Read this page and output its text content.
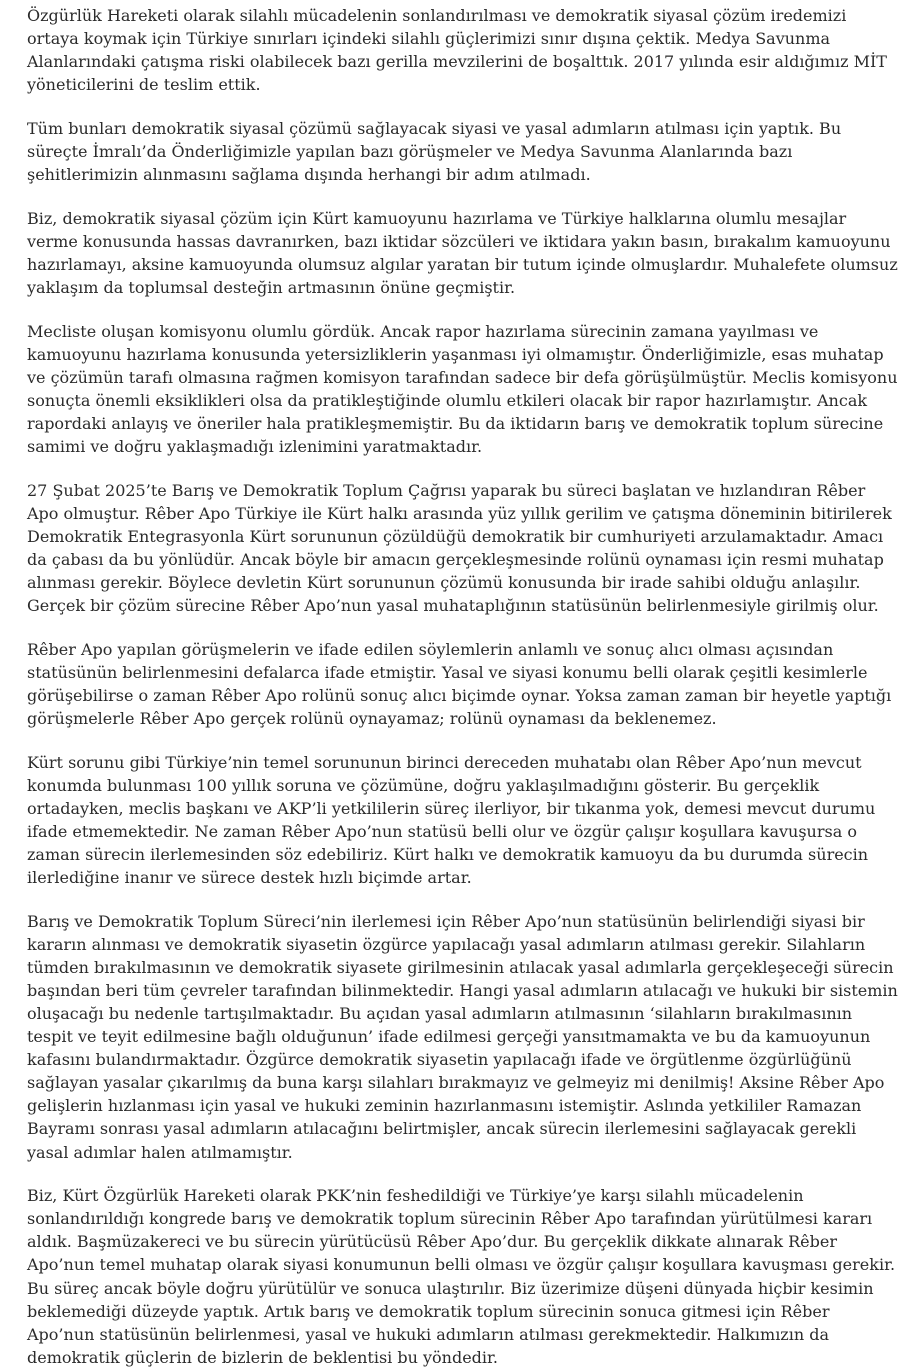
Özgürlük Hareketi olarak silahlı mücadelenin sonlandırılması ve demokratik siyasal çözüm iredemizi ortaya koymak için Türkiye sınırları içindeki silahlı güçlerimizi sınır dışına çektik. Medya Savunma Alanlarındaki çatışma riski olabilecek bazı gerilla mevzilerini de boşalttık. 2017 yılında esir aldığımız MİT yöneticilerini de teslim ettik.

Tüm bunları demokratik siyasal çözümü sağlayacak siyasi ve yasal adımların atılması için yaptık. Bu süreçte İmralı’da Önderliğimizle yapılan bazı görüşmeler ve Medya Savunma Alanlarında bazı şehitlerimizin alınmasını sağlama dışında herhangi bir adım atılmadı.

Biz, demokratik siyasal çözüm için Kürt kamuoyunu hazırlama ve Türkiye halklarına olumlu mesajlar verme konusunda hassas davranırken, bazı iktidar sözcüleri ve iktidara yakın basın, bırakalım kamuoyunu hazırlamayı, aksine kamuoyunda olumsuz algılar yaratan bir tutum içinde olmuşlardır. Muhalefete olumsuz yaklaşım da toplumsal desteğin artmasının önüne geçmiştir.

Mecliste oluşan komisyonu olumlu gördük. Ancak rapor hazırlama sürecinin zamana yayılması ve kamuoyunu hazırlama konusunda yetersizliklerin yaşanması iyi olmamıştır. Önderliğimizle, esas muhatap ve çözümün tarafı olmasına rağmen komisyon tarafından sadece bir defa görüşülmüştür. Meclis komisyonu sonuçta önemli eksiklikleri olsa da pratikleştiğinde olumlu etkileri olacak bir rapor hazırlamıştır. Ancak rapordaki anlayış ve öneriler hala pratikleşmemiştir. Bu da iktidarın barış ve demokratik toplum sürecine samimi ve doğru yaklaşmadığı izlenimini yaratmaktadır.

27 Şubat 2025’te Barış ve Demokratik Toplum Çağrısı yaparak bu süreci başlatan ve hızlandıran Rêber Apo olmuştur. Rêber Apo Türkiye ile Kürt halkı arasında yüz yıllık gerilim ve çatışma döneminin bitirilerek Demokratik Entegrasyonla Kürt sorununun çözüldüğü demokratik bir cumhuriyeti arzulamaktadır. Amacı da çabası da bu yönlüdür. Ancak böyle bir amacın gerçekleşmesinde rolünü oynaması için resmi muhatap alınması gerekir. Böylece devletin Kürt sorununun çözümü konusunda bir irade sahibi olduğu anlaşılır. Gerçek bir çözüm sürecine Rêber Apo’nun yasal muhataplığının statüsünün belirlenmesiyle girilmiş olur.

Rêber Apo yapılan görüşmelerin ve ifade edilen söylemlerin anlamlı ve sonuç alıcı olması açısından statüsünün belirlenmesini defalarca ifade etmiştir. Yasal ve siyasi konumu belli olarak çeşitli kesimlerle görüşebilirse o zaman Rêber Apo rolünü sonuç alıcı biçimde oynar. Yoksa zaman zaman bir heyetle yaptığı görüşmelerle Rêber Apo gerçek rolünü oynayamaz; rolünü oynaması da beklenemez.

Kürt sorunu gibi Türkiye’nin temel sorununun birinci dereceden muhatabı olan Rêber Apo’nun mevcut konumda bulunması 100 yıllık soruna ve çözümüne, doğru yaklaşılmadığını gösterir. Bu gerçeklik ortadayken, meclis başkanı ve AKP’li yetkililerin süreç ilerliyor, bir tıkanma yok, demesi mevcut durumu ifade etmemektedir. Ne zaman Rêber Apo’nun statüsü belli olur ve özgür çalışır koşullara kavuşursa o zaman sürecin ilerlemesinden söz edebiliriz. Kürt halkı ve demokratik kamuoyu da bu durumda sürecin ilerlediğine inanır ve sürece destek hızlı biçimde artar.

Barış ve Demokratik Toplum Süreci’nin ilerlemesi için Rêber Apo’nun statüsünün belirlendiği siyasi bir kararın alınması ve demokratik siyasetin özgürce yapılacağı yasal adımların atılması gerekir. Silahların tümden bırakılmasının ve demokratik siyasete girilmesinin atılacak yasal adımlarla gerçekleşeceği sürecin başından beri tüm çevreler tarafından bilinmektedir. Hangi yasal adımların atılacağı ve hukuki bir sistemin oluşacağı bu nedenle tartışılmaktadır. Bu açıdan yasal adımların atılmasının ‘silahların bırakılmasının tespit ve teyit edilmesine bağlı olduğunun’ ifade edilmesi gerçeği yansıtmamakta ve bu da kamuoyunun kafasını bulandırmaktadır. Özgürce demokratik siyasetin yapılacağı ifade ve örgütlenme özgürlüğünü sağlayan yasalar çıkarılmış da buna karşı silahları bırakmayız ve gelmeyiz mi denilmiş! Aksine Rêber Apo gelişlerin hızlanması için yasal ve hukuki zeminin hazırlanmasını istemiştir. Aslında yetkililer Ramazan Bayramı sonrası yasal adımların atılacağını belirtmişler, ancak sürecin ilerlemesini sağlayacak gerekli yasal adımlar halen atılmamıştır.

Biz, Kürt Özgürlük Hareketi olarak PKK’nin feshedildiği ve Türkiye’ye karşı silahlı mücadelenin sonlandırıldığı kongrede barış ve demokratik toplum sürecinin Rêber Apo tarafından yürütülmesi kararı aldık. Başmüzakereci ve bu sürecin yürütücüsü Rêber Apo’dur. Bu gerçeklik dikkate alınarak Rêber Apo’nun temel muhatap olarak siyasi konumunun belli olması ve özgür çalışır koşullara kavuşması gerekir. Bu süreç ancak böyle doğru yürütülür ve sonuca ulaştırılır. Biz üzerimize düşeni dünyada hiçbir kesimin beklemediği düzeyde yaptık. Artık barış ve demokratik toplum sürecinin sonuca gitmesi için Rêber Apo’nun statüsünün belirlenmesi, yasal ve hukuki adımların atılması gerekmektedir. Halkımızın da demokratik güçlerin de bizlerin de beklentisi bu yöndedir.
